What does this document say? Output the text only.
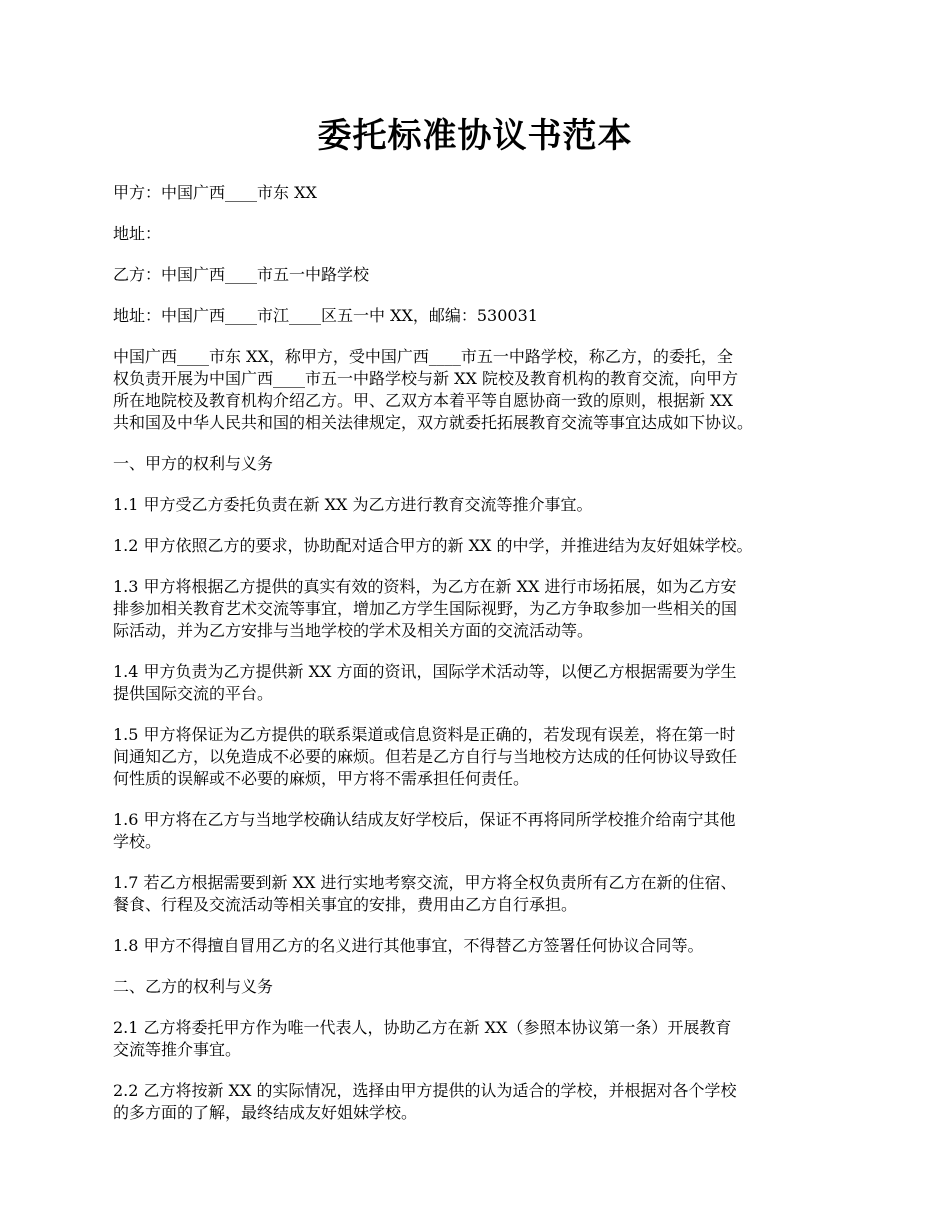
委托标准协议书范本

甲方：中国广西____市东 XX

地址：

乙方：中国广西____市五一中路学校

地址：中国广西____市江____区五一中 XX，邮编：530031

中国广西____市东 XX，称甲方，受中国广西____市五一中路学校，称乙方，的委托，全
权负责开展为中国广西____市五一中路学校与新 XX 院校及教育机构的教育交流，向甲方
所在地院校及教育机构介绍乙方。甲、乙双方本着平等自愿协商一致的原则，根据新 XX
共和国及中华人民共和国的相关法律规定，双方就委托拓展教育交流等事宜达成如下协议。

一、甲方的权利与义务

1.1 甲方受乙方委托负责在新 XX 为乙方进行教育交流等推介事宜。

1.2 甲方依照乙方的要求，协助配对适合甲方的新 XX 的中学，并推进结为友好姐妹学校。

1.3 甲方将根据乙方提供的真实有效的资料，为乙方在新 XX 进行市场拓展，如为乙方安
排参加相关教育艺术交流等事宜，增加乙方学生国际视野，为乙方争取参加一些相关的国
际活动，并为乙方安排与当地学校的学术及相关方面的交流活动等。

1.4 甲方负责为乙方提供新 XX 方面的资讯，国际学术活动等，以便乙方根据需要为学生
提供国际交流的平台。

1.5 甲方将保证为乙方提供的联系渠道或信息资料是正确的，若发现有误差，将在第一时
间通知乙方，以免造成不必要的麻烦。但若是乙方自行与当地校方达成的任何协议导致任
何性质的误解或不必要的麻烦，甲方将不需承担任何责任。

1.6 甲方将在乙方与当地学校确认结成友好学校后，保证不再将同所学校推介给南宁其他
学校。

1.7 若乙方根据需要到新 XX 进行实地考察交流，甲方将全权负责所有乙方在新的住宿、
餐食、行程及交流活动等相关事宜的安排，费用由乙方自行承担。

1.8 甲方不得擅自冒用乙方的名义进行其他事宜，不得替乙方签署任何协议合同等。

二、乙方的权利与义务

2.1 乙方将委托甲方作为唯一代表人，协助乙方在新 XX（参照本协议第一条）开展教育
交流等推介事宜。

2.2 乙方将按新 XX 的实际情况，选择由甲方提供的认为适合的学校，并根据对各个学校
的多方面的了解，最终结成友好姐妹学校。
